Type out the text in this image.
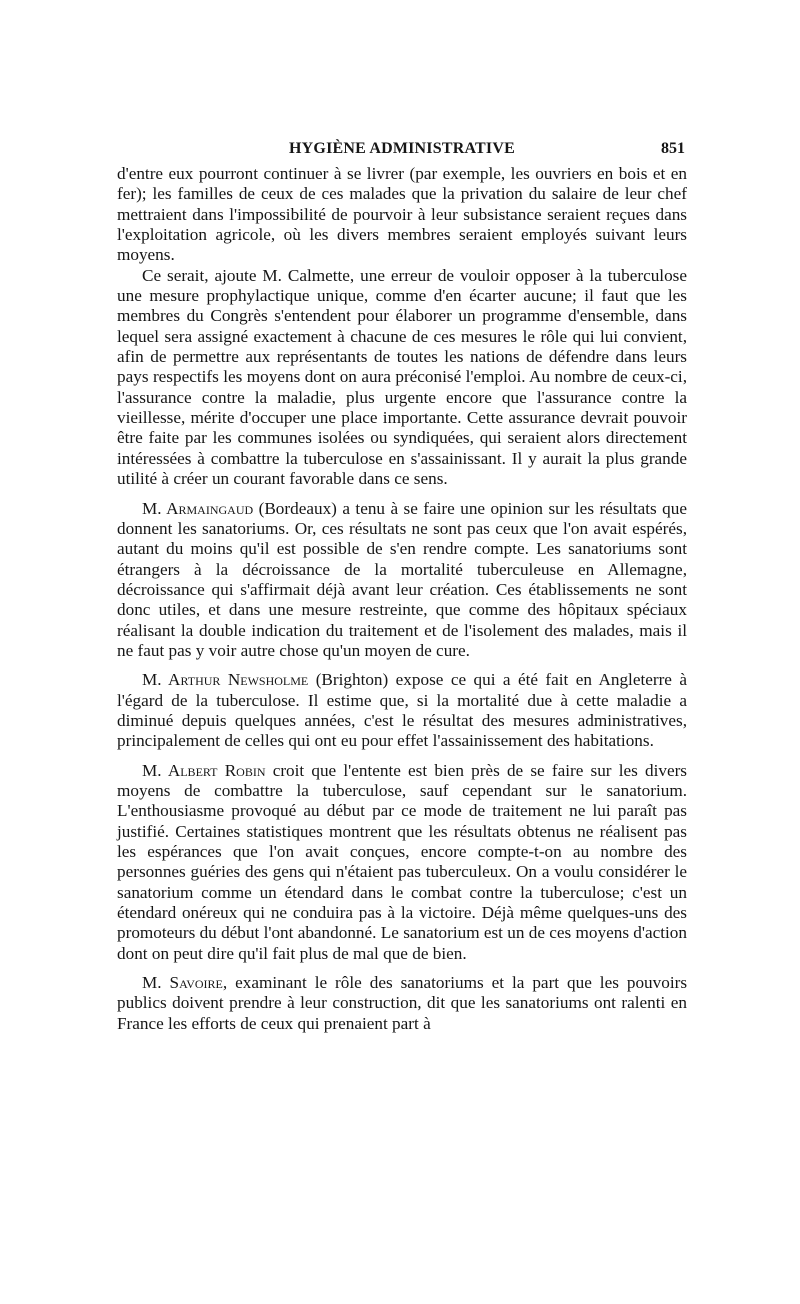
HYGIÈNE ADMINISTRATIVE	851

d'entre eux pourront continuer à se livrer (par exemple, les ouvriers en bois et en fer); les familles de ceux de ces malades que la privation du salaire de leur chef mettraient dans l'impossibilité de pourvoir à leur subsistance seraient reçues dans l'exploitation agricole, où les divers membres seraient employés suivant leurs moyens.

Ce serait, ajoute M. Calmette, une erreur de vouloir opposer à la tuberculose une mesure prophylactique unique, comme d'en écarter aucune; il faut que les membres du Congrès s'entendent pour élaborer un programme d'ensemble, dans lequel sera assigné exactement à chacune de ces mesures le rôle qui lui convient, afin de permettre aux représentants de toutes les nations de défendre dans leurs pays respectifs les moyens dont on aura préconisé l'emploi. Au nombre de ceux-ci, l'assurance contre la maladie, plus urgente encore que l'assurance contre la vieillesse, mérite d'occuper une place importante. Cette assurance devrait pouvoir être faite par les communes isolées ou syndiquées, qui seraient alors directement intéressées à combattre la tuberculose en s'assainissant. Il y aurait la plus grande utilité à créer un courant favorable dans ce sens.

M. Armaingaud (Bordeaux) a tenu à se faire une opinion sur les résultats que donnent les sanatoriums. Or, ces résultats ne sont pas ceux que l'on avait espérés, autant du moins qu'il est possible de s'en rendre compte. Les sanatoriums sont étrangers à la décroissance de la mortalité tuberculeuse en Allemagne, décroissance qui s'affirmait déjà avant leur création. Ces établissements ne sont donc utiles, et dans une mesure restreinte, que comme des hôpitaux spéciaux réalisant la double indication du traitement et de l'isolement des malades, mais il ne faut pas y voir autre chose qu'un moyen de cure.

M. Arthur Newsholme (Brighton) expose ce qui a été fait en Angleterre à l'égard de la tuberculose. Il estime que, si la mortalité due à cette maladie a diminué depuis quelques années, c'est le résultat des mesures administratives, principalement de celles qui ont eu pour effet l'assainissement des habitations.

M. Albert Robin croit que l'entente est bien près de se faire sur les divers moyens de combattre la tuberculose, sauf cependant sur le sanatorium. L'enthousiasme provoqué au début par ce mode de traitement ne lui paraît pas justifié. Certaines statistiques montrent que les résultats obtenus ne réalisent pas les espérances que l'on avait conçues, encore compte-t-on au nombre des personnes guéries des gens qui n'étaient pas tuberculeux. On a voulu considérer le sanatorium comme un étendard dans le combat contre la tuberculose; c'est un étendard onéreux qui ne conduira pas à la victoire. Déjà même quelques-uns des promoteurs du début l'ont abandonné. Le sanatorium est un de ces moyens d'action dont on peut dire qu'il fait plus de mal que de bien.

M. Savoire, examinant le rôle des sanatoriums et la part que les pouvoirs publics doivent prendre à leur construction, dit que les sanatoriums ont ralenti en France les efforts de ceux qui prenaient part à
